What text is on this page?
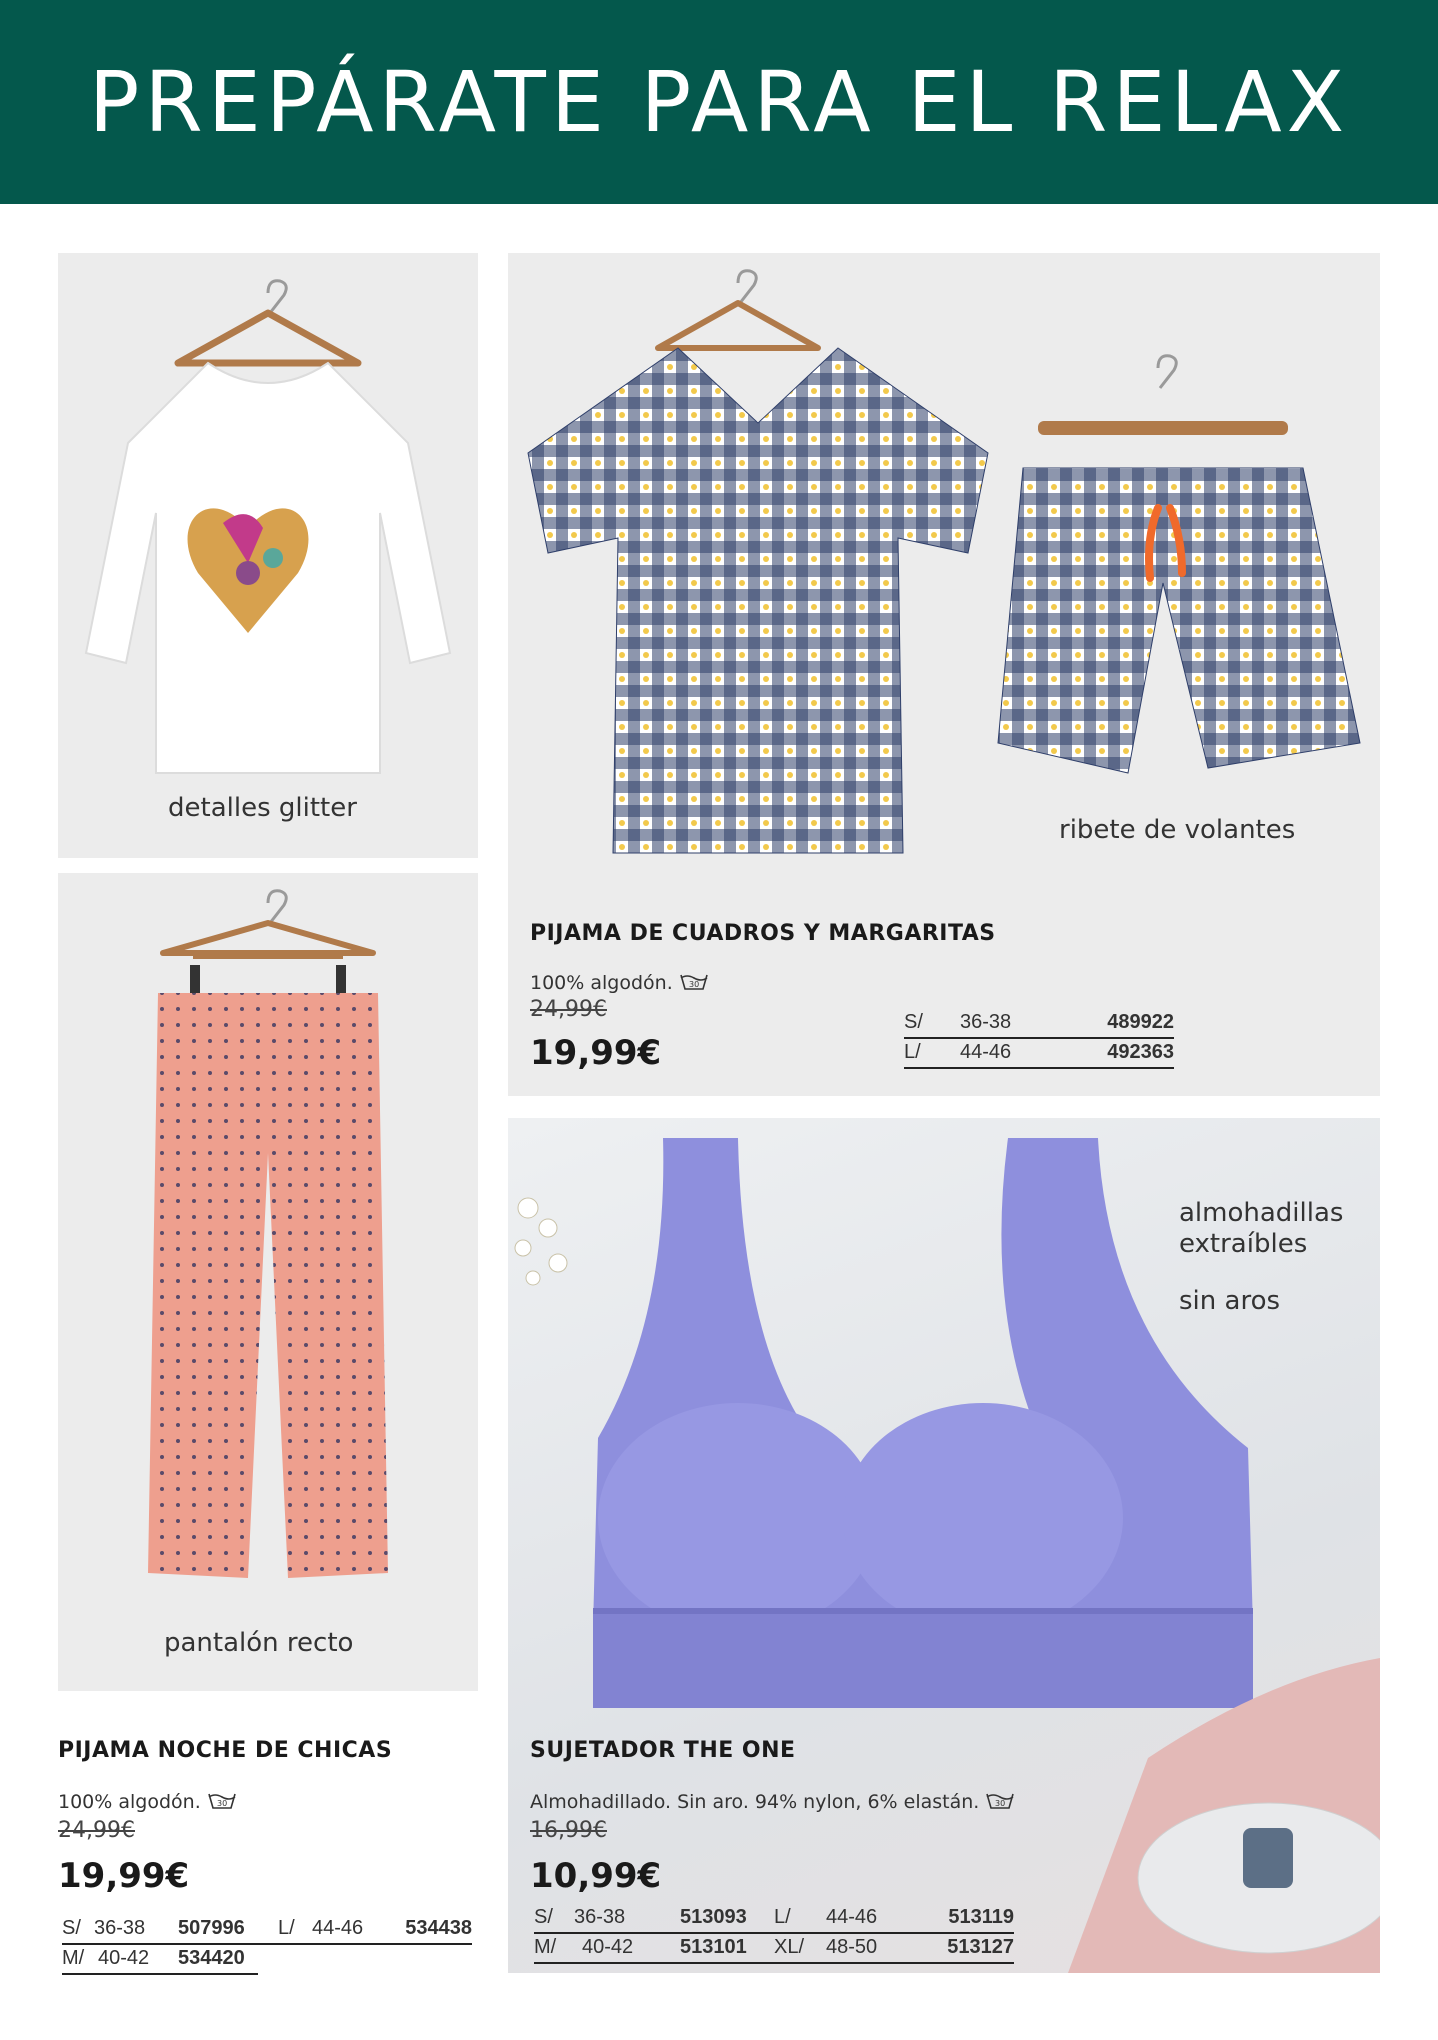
PREPÁRATE PARA EL RELAX
detalles glitter
pantalón recto
ribete de volantes
PIJAMA DE CUADROS Y MARGARITAS
100% algodón. 30
24,99€
19,99€
S/ 36-38	489922
L/ 44-46	492363
almohadillas
extraíbles
sin aros
SUJETADOR THE ONE
Almohadillado. Sin aro. 94% nylon, 6% elastán. 30
16,99€
10,99€
S/ 36-38	513093 L/ 44-46	513119
M/ 40-42 513101 XL/ 48-50	513127
PIJAMA NOCHE DE CHICAS
100% algodón. 30
24,99€
19,99€
S/ 36-38 507996 L/ 44-46 534438
M/ 40-42 534420
